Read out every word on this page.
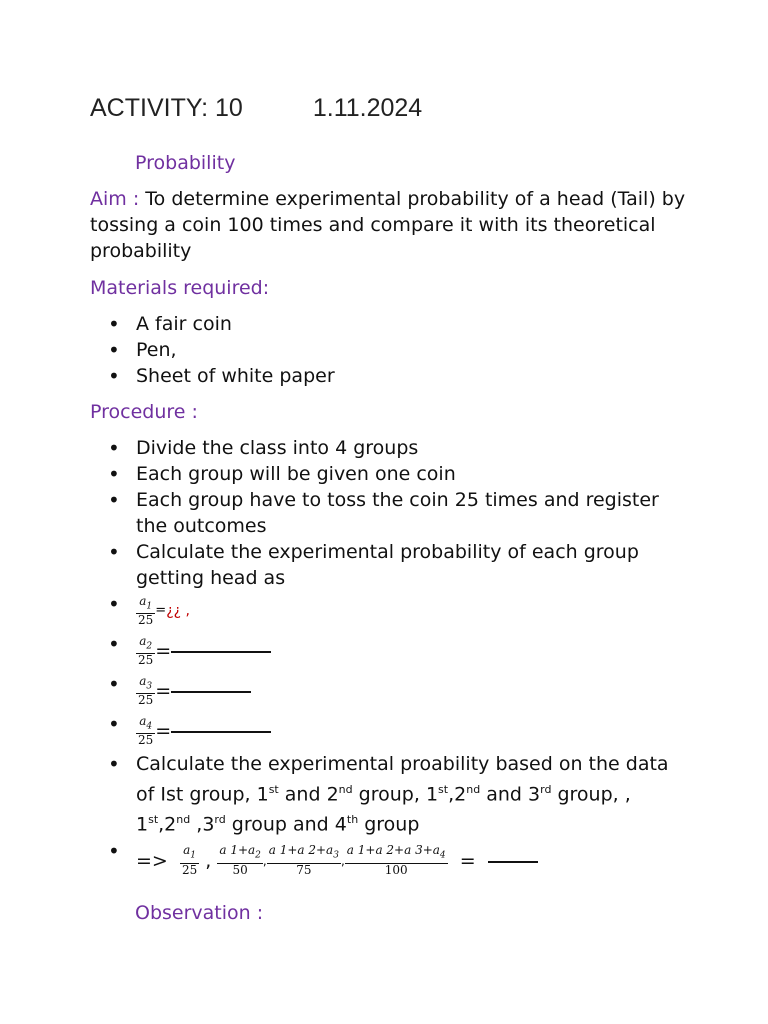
ACTIVITY: 10	1.11.2024
Probability
Aim : To determine experimental probability of a head (Tail) by tossing a coin 100 times and compare it with its theoretical probability
Materials required:
• A fair coin
• Pen,
• Sheet of white paper
Procedure :
• Divide the class into 4 groups
• Each group will be given one coin
• Each group have to toss the coin 25 times and register the outcomes
• Calculate the experimental probability of each group getting head as
• $\frac{a_1}{25}$ = ¿¿ ,
• $\frac{a_2}{25}$ =
• $\frac{a_3}{25}$ =
• $\frac{a_4}{25}$ =
• Calculate the experimental proability based on the data of Ist group, 1st and 2nd group, 1st,2nd and 3rd group, , 1st,2nd ,3rd group and 4th group
• =>
$\frac{a_1}{25}$
,
$\frac{a 1+a_2}{50}$ , $\frac{a 1+a 2+a_3}{75}$ , $\frac{a 1+a 2+a 3+a_4}{100}$
=

Observation :
